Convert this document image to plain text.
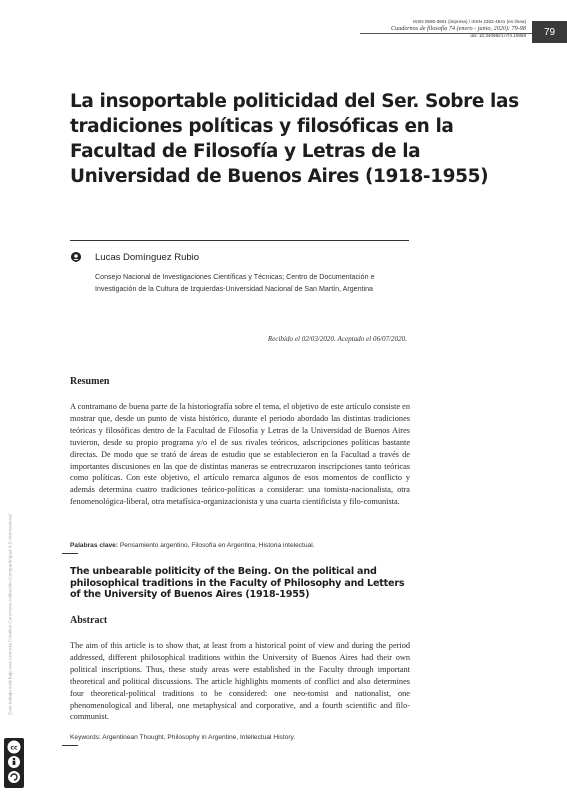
ISSN 0590-3901 (impresa) / ISSN 2362-4841 (en línea)
Cuadernos de filosofía 74 (enero - junio, 2020): 79-98
doi: 10.34096/cf.n74.10858 79
La insoportable politicidad del Ser. Sobre las tradiciones políticas y filosóficas en la Facultad de Filosofía y Letras de la Universidad de Buenos Aires (1918-1955)
Lucas Domínguez Rubio
Consejo Nacional de Investigaciones Científicas y Técnicas; Centro de Documentación e Investigación de la Cultura de Izquierdas-Universidad Nacional de San Martín, Argentina
Recibido el 02/03/2020. Aceptado el 06/07/2020.
Resumen
A contramano de buena parte de la historiografía sobre el tema, el objetivo de este artículo consiste en mostrar que, desde un punto de vista histórico, durante el periodo abordado las distintas tradiciones teóricas y filosóficas dentro de la Facultad de Filosofía y Letras de la Universidad de Buenos Aires tuvieron, desde su propio programa y/o el de sus rivales teóricos, adscripciones políticas bastante directas. De modo que se trató de áreas de estudio que se establecieron en la Facultad a través de importantes discusiones en las que de distintas maneras se entrecruzaron inscripciones tanto teóricas como políticas. Con este objetivo, el artículo remarca algunos de esos momentos de conflicto y además determina cuatro tradiciones teórico-políticas a considerar: una tomista-nacionalista, otra fenomenológica-liberal, otra metafísica-organizacionista y una cuarta cientificista y filo-comunista.
Palabras clave: Pensamiento argentino, Filosofía en Argentina, Historia intelectual.
The unbearable politicity of the Being. On the political and philosophical traditions in the Faculty of Philosophy and Letters of the University of Buenos Aires (1918-1955)
Abstract
The aim of this article is to show that, at least from a historical point of view and during the period addressed, different philosophical traditions within the University of Buenos Aires had their own political inscriptions. Thus, these study areas were established in the Faculty through important theoretical and political discussions. The article highlights moments of conflict and also determines four theoretical-political traditions to be considered: one neo-tomist and nationalist, one phenomenological and liberal, one metaphysical and corporative, and a fourth scientific and filo-communist.
Keywords: Argentinean Thought, Philosophy in Argentine, Intellectual History.
Este trabajo está bajo una Licencia Creative Commons Atribución-CompartirIgual 4.0 Internacional
cc
